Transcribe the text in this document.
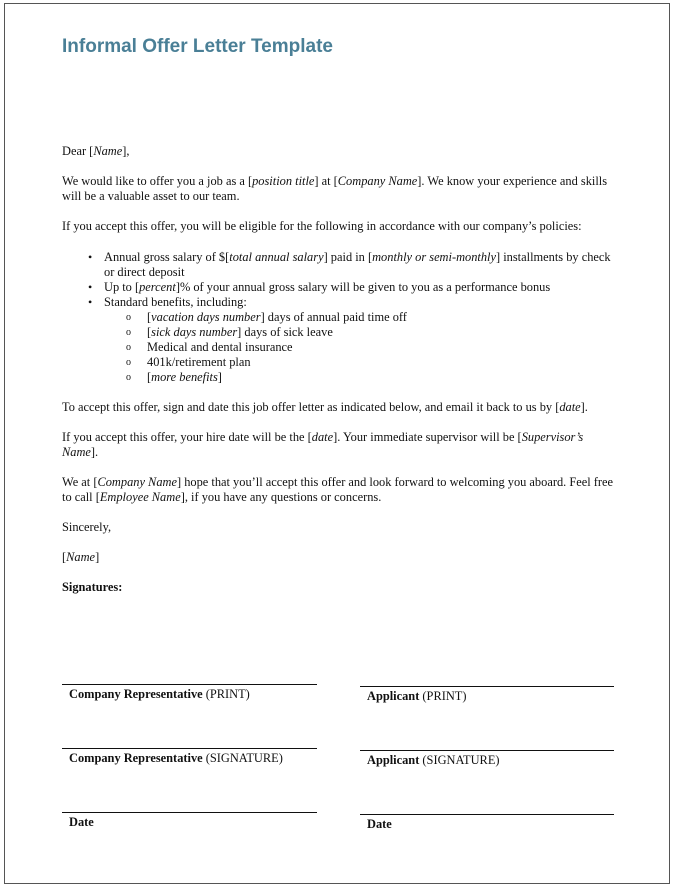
Informal Offer Letter Template

Dear [Name],

We would like to offer you a job as a [position title] at [Company Name]. We know your experience and skills will be a valuable asset to our team.

If you accept this offer, you will be eligible for the following in accordance with our company’s policies:

• Annual gross salary of $[total annual salary] paid in [monthly or semi-monthly] installments by check or direct deposit
• Up to [percent]% of your annual gross salary will be given to you as a performance bonus
• Standard benefits, including:
o [vacation days number] days of annual paid time off
o [sick days number] days of sick leave
o Medical and dental insurance
o 401k/retirement plan
o [more benefits]

To accept this offer, sign and date this job offer letter as indicated below, and email it back to us by [date].

If you accept this offer, your hire date will be the [date]. Your immediate supervisor will be [Supervisor’s Name].

We at [Company Name] hope that you’ll accept this offer and look forward to welcoming you aboard. Feel free to call [Employee Name], if you have any questions or concerns.

Sincerely,

[Name]

Signatures:

Company Representative (PRINT)	Applicant (PRINT)
Company Representative (SIGNATURE)	Applicant (SIGNATURE)
Date	Date
